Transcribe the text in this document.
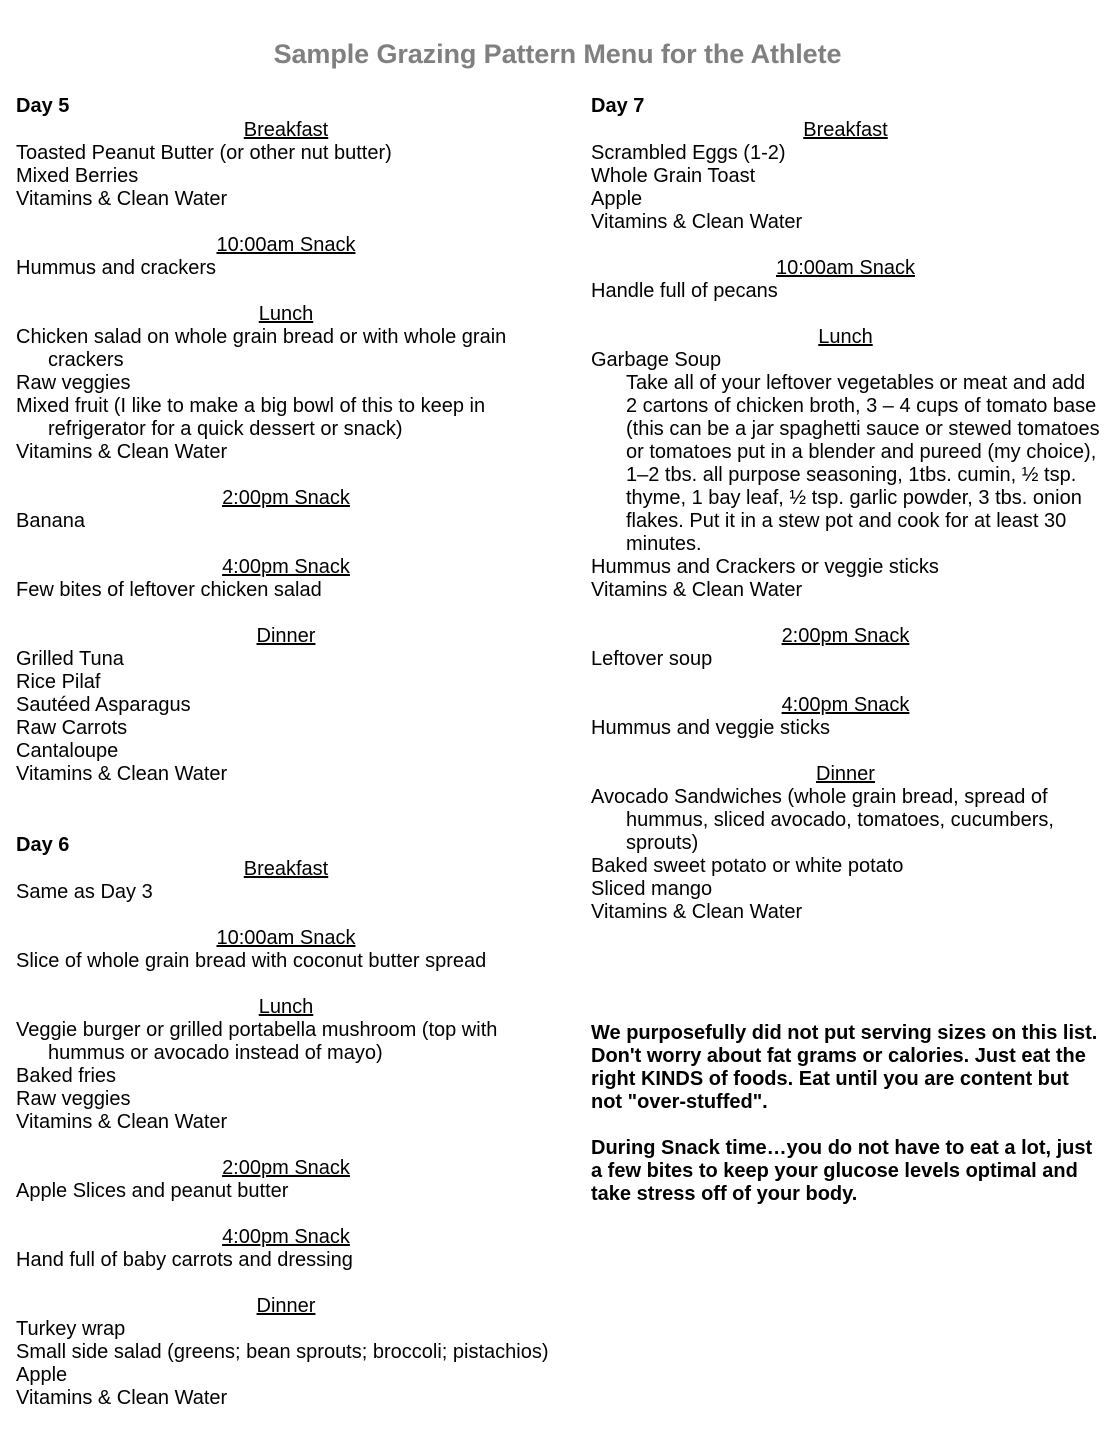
Sample Grazing Pattern Menu for the Athlete
Day 5
Breakfast
Toasted Peanut Butter (or other nut butter)
Mixed Berries
Vitamins & Clean Water
10:00am Snack
Hummus and crackers
Lunch
Chicken salad on whole grain bread or with whole grain crackers
Raw veggies
Mixed fruit (I like to make a big bowl of this to keep in refrigerator for a quick dessert or snack)
Vitamins & Clean Water
2:00pm Snack
Banana
4:00pm Snack
Few bites of leftover chicken salad
Dinner
Grilled Tuna
Rice Pilaf
Sautéed Asparagus
Raw Carrots
Cantaloupe
Vitamins & Clean Water
Day 6
Breakfast
Same as Day 3
10:00am Snack
Slice of whole grain bread with coconut butter spread
Lunch
Veggie burger or grilled portabella mushroom (top with hummus or avocado instead of mayo)
Baked fries
Raw veggies
Vitamins & Clean Water
2:00pm Snack
Apple Slices and peanut butter
4:00pm Snack
Hand full of baby carrots and dressing
Dinner
Turkey wrap
Small side salad (greens; bean sprouts; broccoli; pistachios)
Apple
Vitamins & Clean Water
Day 7
Breakfast
Scrambled Eggs (1-2)
Whole Grain Toast
Apple
Vitamins & Clean Water
10:00am Snack
Handle full of pecans
Lunch
Garbage Soup

Take all of your leftover vegetables or meat and add 2 cartons of chicken broth, 3 – 4 cups of tomato base (this can be a jar spaghetti sauce or stewed tomatoes or tomatoes put in a blender and pureed (my choice), 1–2 tbs. all purpose seasoning, 1tbs. cumin, ½ tsp. thyme, 1 bay leaf, ½ tsp. garlic powder, 3 tbs. onion flakes. Put it in a stew pot and cook for at least 30 minutes.

Hummus and Crackers or veggie sticks
Vitamins & Clean Water
2:00pm Snack
Leftover soup
4:00pm Snack
Hummus and veggie sticks
Dinner
Avocado Sandwiches (whole grain bread, spread of hummus, sliced avocado, tomatoes, cucumbers, sprouts)
Baked sweet potato or white potato
Sliced mango
Vitamins & Clean Water

We purposefully did not put serving sizes on this list. Don't worry about fat grams or calories. Just eat the right KINDS of foods. Eat until you are content but not "over-stuffed".

During Snack time…you do not have to eat a lot, just a few bites to keep your glucose levels optimal and take stress off of your body.
